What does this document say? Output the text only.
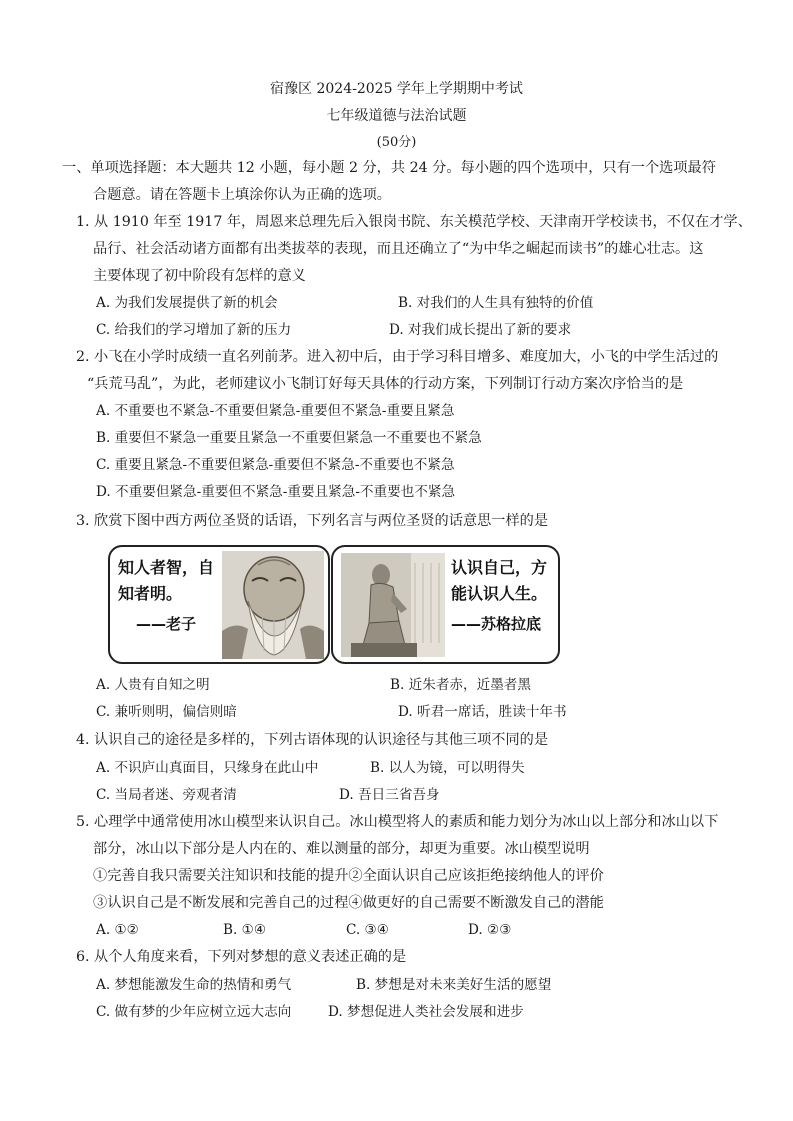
宿豫区 2024-2025 学年上学期期中考试
七年级道德与法治试题
(50分)
一、单项选择题：本大题共 12 小题，每小题 2 分，共 24 分。每小题的四个选项中，只有一个选项最符
合题意。请在答题卡上填涂你认为正确的选项。
1. 从 1910 年至 1917 年，周恩来总理先后入银岗书院、东关模范学校、天津南开学校读书，不仅在才学、
品行、社会活动诸方面都有出类拔萃的表现，而且还确立了“为中华之崛起而读书”的雄心壮志。这
主要体现了初中阶段有怎样的意义
A. 为我们发展提供了新的机会	B. 对我们的人生具有独特的价值
C. 给我们的学习增加了新的压力	D. 对我们成长提出了新的要求
2. 小飞在小学时成绩一直名列前茅。进入初中后，由于学习科目增多、难度加大，小飞的中学生活过的
“兵荒马乱”，为此，老师建议小飞制订好每天具体的行动方案，下列制订行动方案次序恰当的是
A. 不重要也不紧急-不重要但紧急-重要但不紧急-重要且紧急
B. 重要但不紧急一重要且紧急一不重要但紧急一不重要也不紧急
C. 重要且紧急-不重要但紧急-重要但不紧急-不重要也不紧急
D. 不重要但紧急-重要但不紧急-重要且紧急-不重要也不紧急
3. 欣赏下图中西方两位圣贤的话语，下列名言与两位圣贤的话意思一样的是
知人者智，自
知者明。
——老子
认识自己，方
能认识人生。
——苏格拉底
A. 人贵有自知之明	B. 近朱者赤，近墨者黑
C. 兼听则明，偏信则暗	D. 听君一席话，胜读十年书
4. 认识自己的途径是多样的，下列古语体现的认识途径与其他三项不同的是
A. 不识庐山真面目，只缘身在此山中	B. 以人为镜，可以明得失
C. 当局者迷、旁观者清	D. 吾日三省吾身
5. 心理学中通常使用冰山模型来认识自己。冰山模型将人的素质和能力划分为冰山以上部分和冰山以下
部分，冰山以下部分是人内在的、难以测量的部分，却更为重要。冰山模型说明
①完善自我只需要关注知识和技能的提升②全面认识自己应该拒绝接纳他人的评价
③认识自己是不断发展和完善自己的过程④做更好的自己需要不断激发自己的潜能
A. ①②	B. ①④	C. ③④	D. ②③
6. 从个人角度来看，下列对梦想的意义表述正确的是
A. 梦想能激发生命的热情和勇气	B. 梦想是对未来美好生活的愿望
C. 做有梦的少年应树立远大志向	D. 梦想促进人类社会发展和进步
